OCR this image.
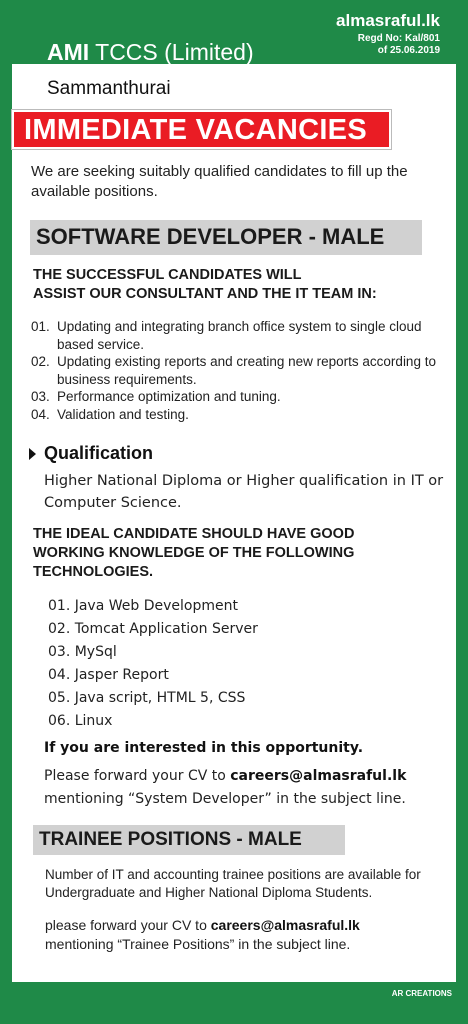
AMI TCCS (Limited)
almasraful.lk
Regd No: Kal/801
of 25.06.2019
Sammanthurai
IMMEDIATE VACANCIES
We are seeking suitably qualified candidates to fill up the available positions.
SOFTWARE DEVELOPER - MALE
THE SUCCESSFUL CANDIDATES WILL
ASSIST OUR CONSULTANT AND THE IT TEAM IN:
01. Updating and integrating branch office system to single cloud based service.
02. Updating existing reports and creating new reports according to business requirements.
03. Performance optimization and tuning.
04. Validation and testing.
Qualification
Higher National Diploma or Higher qualification in IT or Computer Science.
THE IDEAL CANDIDATE SHOULD HAVE GOOD
WORKING KNOWLEDGE OF THE FOLLOWING
TECHNOLOGIES.
01. Java Web Development
02. Tomcat Application Server
03. MySql
04. Jasper Report
05. Java script, HTML 5, CSS
06. Linux
If you are interested in this opportunity.
Please forward your CV to careers@almasraful.lk
mentioning “System Developer” in the subject line.
TRAINEE POSITIONS - MALE
Number of IT and accounting trainee positions are available for Undergraduate and Higher National Diploma Students.
please forward your CV to careers@almasraful.lk
mentioning “Trainee Positions” in the subject line.
AR CREATIONS
